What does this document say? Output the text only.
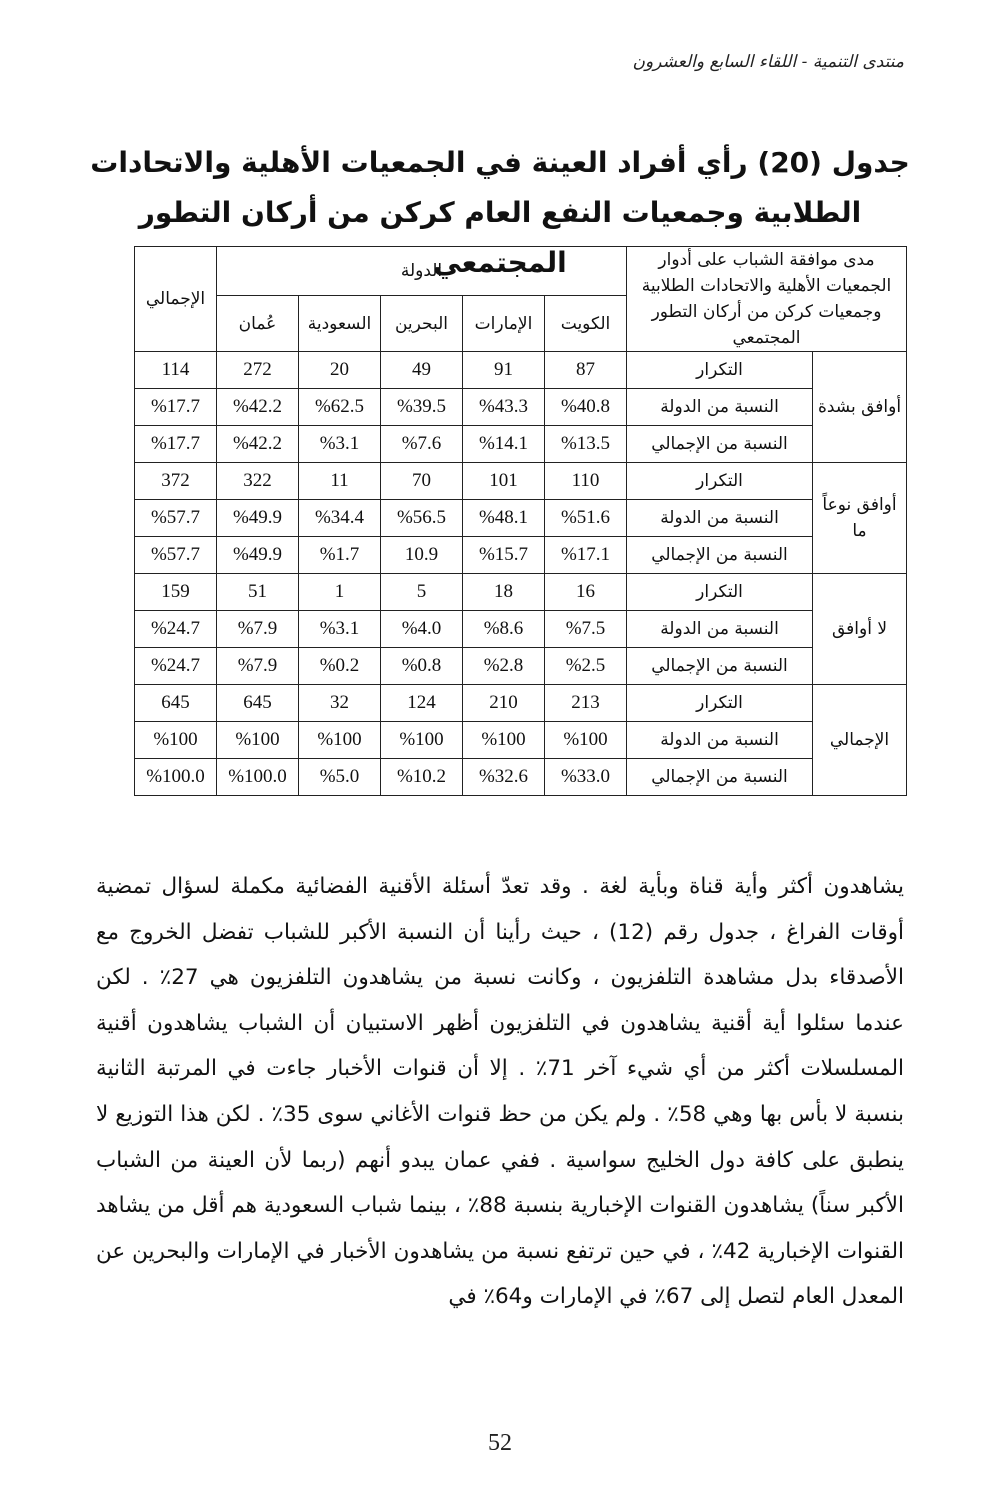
منتدى التنمية - اللقاء السابع والعشرون
جدول (20) رأي أفراد العينة في الجمعيات الأهلية والاتحادات الطلابية وجمعيات النفع العام كركن من أركان التطور المجتمعي	مدى موافقة الشباب على أدوار الجمعيات الأهلية والاتحادات الطلابية وجمعيات كركن من أركان التطور المجتمعي		الدولة					الإجمالي
		الكويت	الإمارات	البحرين	السعودية	عُمان	
أوافق بشدة	التكرار	87	91	49	20	272	114
	النسبة من الدولة	%40.8	%43.3	%39.5	%62.5	%42.2	%17.7
	النسبة من الإجمالي	%13.5	%14.1	%7.6	%3.1	%42.2	%17.7
أوافق نوعاً ما	التكرار	110	101	70	11	322	372
	النسبة من الدولة	%51.6	%48.1	%56.5	%34.4	%49.9	%57.7
	النسبة من الإجمالي	%17.1	%15.7	10.9	%1.7	%49.9	%57.7
لا أوافق	التكرار	16	18	5	1	51	159
	النسبة من الدولة	%7.5	%8.6	%4.0	%3.1	%7.9	%24.7
	النسبة من الإجمالي	%2.5	%2.8	%0.8	%0.2	%7.9	%24.7
الإجمالي	التكرار	213	210	124	32	645	645
	النسبة من الدولة	%100	%100	%100	%100	%100	%100
	النسبة من الإجمالي	%33.0	%32.6	%10.2	%5.0	%100.0	%100.0
يشاهدون أكثر وأية قناة وبأية لغة . وقد تعدّ أسئلة الأقنية الفضائية مكملة لسؤال تمضية أوقات الفراغ ، جدول رقم (12) ، حيث رأينا أن النسبة الأكبر للشباب تفضل الخروج مع الأصدقاء بدل مشاهدة التلفزيون ، وكانت نسبة من يشاهدون التلفزيون هي 27٪ . لكن عندما سئلوا أية أقنية يشاهدون في التلفزيون أظهر الاستبيان أن الشباب يشاهدون أقنية المسلسلات أكثر من أي شيء آخر 71٪ . إلا أن قنوات الأخبار جاءت في المرتبة الثانية بنسبة لا بأس بها وهي 58٪ . ولم يكن من حظ قنوات الأغاني سوى 35٪ . لكن هذا التوزيع لا ينطبق على كافة دول الخليج سواسية . ففي عمان يبدو أنهم (ربما لأن العينة من الشباب الأكبر سناً) يشاهدون القنوات الإخبارية بنسبة 88٪ ، بينما شباب السعودية هم أقل من يشاهد القنوات الإخبارية 42٪ ، في حين ترتفع نسبة من يشاهدون الأخبار في الإمارات والبحرين عن المعدل العام لتصل إلى 67٪ في الإمارات و64٪ في
52
